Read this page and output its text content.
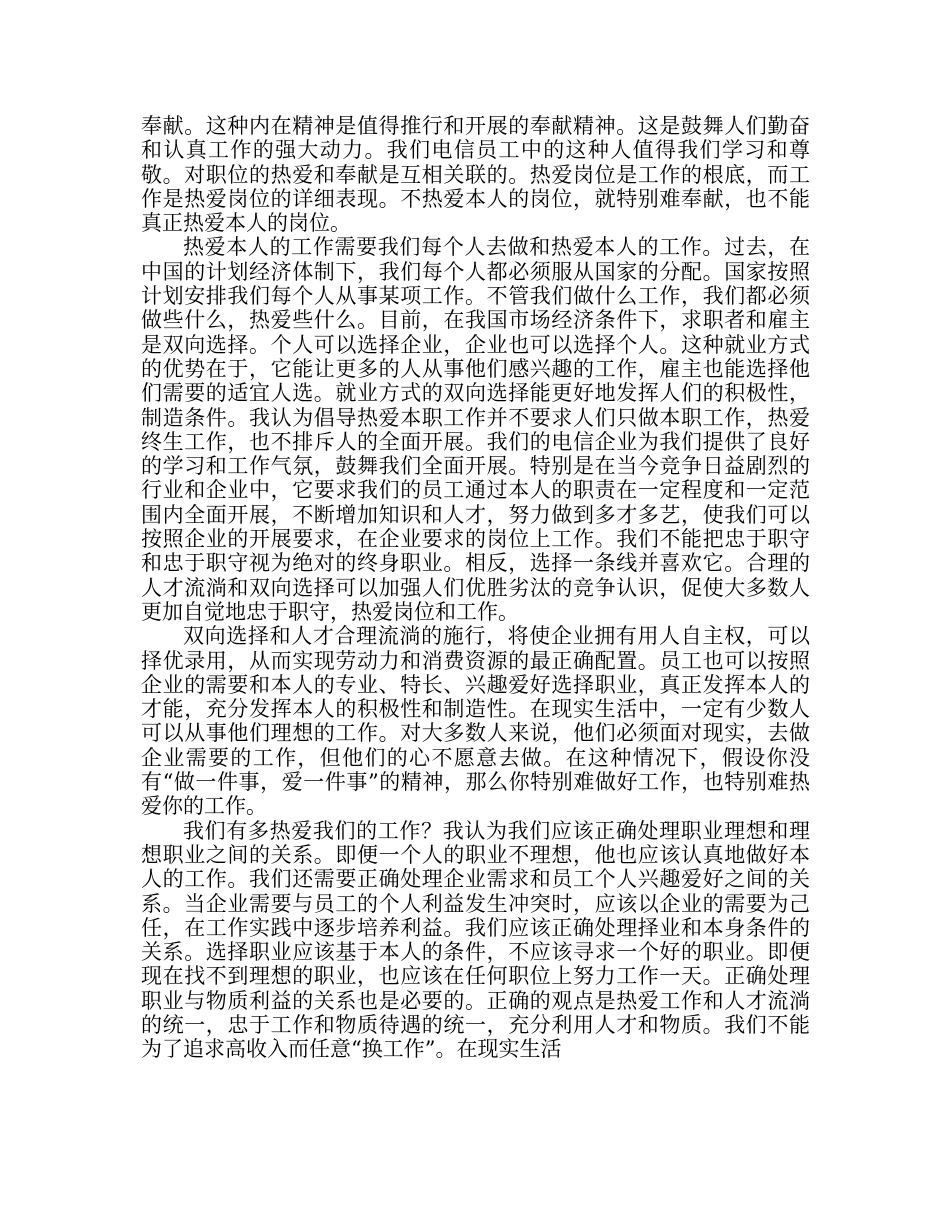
奉献。这种内在精神是值得推行和开展的奉献精神。这是鼓舞人们勤奋和认真工作的强大动力。我们电信员工中的这种人值得我们学习和尊敬。对职位的热爱和奉献是互相关联的。热爱岗位是工作的根底，而工作是热爱岗位的详细表现。不热爱本人的岗位，就特别难奉献，也不能真正热爱本人的岗位。

热爱本人的工作需要我们每个人去做和热爱本人的工作。过去，在中国的计划经济体制下，我们每个人都必须服从国家的分配。国家按照计划安排我们每个人从事某项工作。不管我们做什么工作，我们都必须做些什么，热爱些什么。目前，在我国市场经济条件下，求职者和雇主是双向选择。个人可以选择企业，企业也可以选择个人。这种就业方式的优势在于，它能让更多的人从事他们感兴趣的工作，雇主也能选择他们需要的适宜人选。就业方式的双向选择能更好地发挥人们的积极性，制造条件。我认为倡导热爱本职工作并不要求人们只做本职工作，热爱终生工作，也不排斥人的全面开展。我们的电信企业为我们提供了良好的学习和工作气氛，鼓舞我们全面开展。特别是在当今竞争日益剧烈的行业和企业中，它要求我们的员工通过本人的职责在一定程度和一定范围内全面开展，不断增加知识和人才，努力做到多才多艺，使我们可以按照企业的开展要求，在企业要求的岗位上工作。我们不能把忠于职守和忠于职守视为绝对的终身职业。相反，选择一条线并喜欢它。合理的人才流淌和双向选择可以加强人们优胜劣汰的竞争认识，促使大多数人更加自觉地忠于职守，热爱岗位和工作。

双向选择和人才合理流淌的施行，将使企业拥有用人自主权，可以择优录用，从而实现劳动力和消费资源的最正确配置。员工也可以按照企业的需要和本人的专业、特长、兴趣爱好选择职业，真正发挥本人的才能，充分发挥本人的积极性和制造性。在现实生活中，一定有少数人可以从事他们理想的工作。对大多数人来说，他们必须面对现实，去做企业需要的工作，但他们的心不愿意去做。在这种情况下，假设你没有“做一件事，爱一件事”的精神，那么你特别难做好工作，也特别难热爱你的工作。

我们有多热爱我们的工作？我认为我们应该正确处理职业理想和理想职业之间的关系。即便一个人的职业不理想，他也应该认真地做好本人的工作。我们还需要正确处理企业需求和员工个人兴趣爱好之间的关系。当企业需要与员工的个人利益发生冲突时，应该以企业的需要为己任，在工作实践中逐步培养利益。我们应该正确处理择业和本身条件的关系。选择职业应该基于本人的条件，不应该寻求一个好的职业。即便现在找不到理想的职业，也应该在任何职位上努力工作一天。正确处理职业与物质利益的关系也是必要的。正确的观点是热爱工作和人才流淌的统一，忠于工作和物质待遇的统一，充分利用人才和物质。我们不能为了追求高收入而任意“换工作”。在现实生活
